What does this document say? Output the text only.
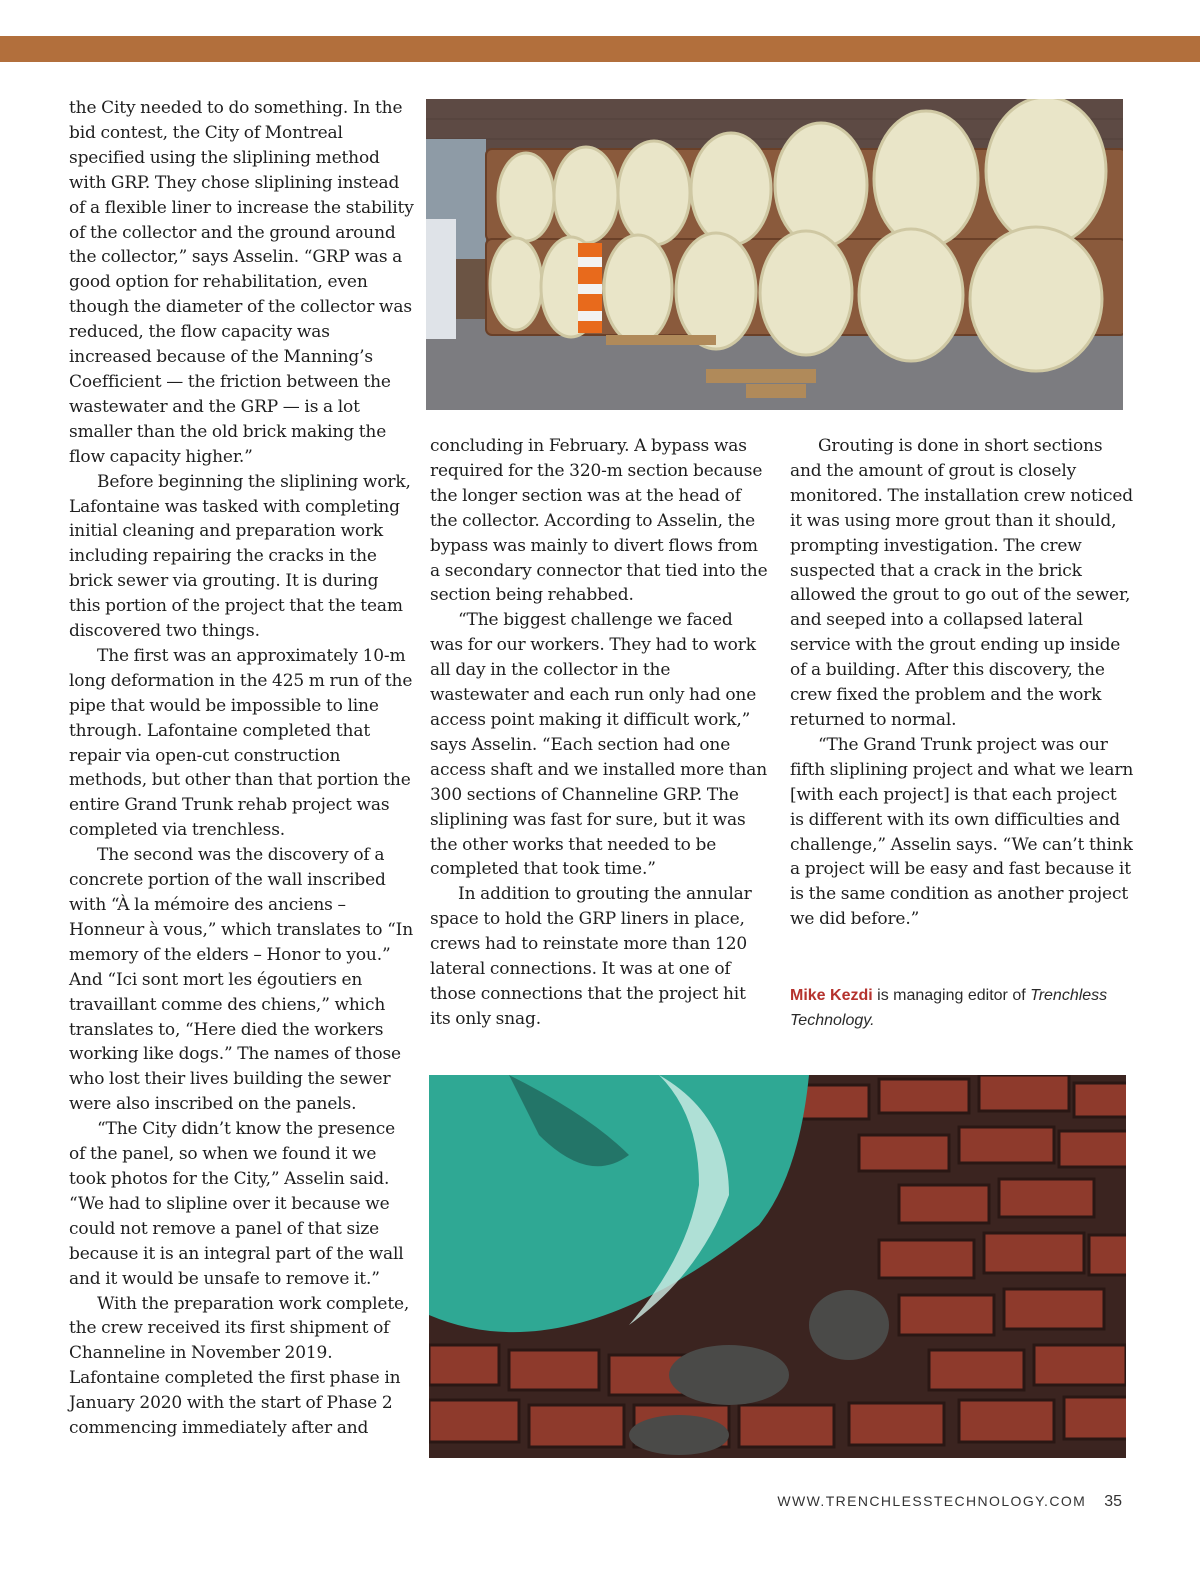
the City needed to do something. In the bid contest, the City of Montreal specified using the sliplining method with GRP. They chose sliplining instead of a flexible liner to increase the stability of the collector and the ground around the collector,” says Asselin. “GRP was a good option for rehabilitation, even though the diameter of the collector was reduced, the flow capacity was increased because of the Manning’s Coefficient — the friction between the wastewater and the GRP — is a lot smaller than the old brick making the flow capacity higher.”

Before beginning the sliplining work, Lafontaine was tasked with completing initial cleaning and preparation work including repairing the cracks in the brick sewer via grouting. It is during this portion of the project that the team discovered two things.

The first was an approximately 10-m long deformation in the 425 m run of the pipe that would be impossible to line through. Lafontaine completed that repair via open-cut construction methods, but other than that portion the entire Grand Trunk rehab project was completed via trenchless.

The second was the discovery of a concrete portion of the wall inscribed with “À la mémoire des anciens – Honneur à vous,” which translates to “In memory of the elders – Honor to you.” And “Ici sont mort les égoutiers en travaillant comme des chiens,” which translates to, “Here died the workers working like dogs.” The names of those who lost their lives building the sewer were also inscribed on the panels.

“The City didn’t know the presence of the panel, so when we found it we took photos for the City,” Asselin said. “We had to slipline over it because we could not remove a panel of that size because it is an integral part of the wall and it would be unsafe to remove it.”

With the preparation work complete, the crew received its first shipment of Channeline in November 2019. Lafontaine completed the first phase in January 2020 with the start of Phase 2 commencing immediately after and

concluding in February. A bypass was required for the 320-m section because the longer section was at the head of the collector. According to Asselin, the bypass was mainly to divert flows from a secondary connector that tied into the section being rehabbed.

“The biggest challenge we faced was for our workers. They had to work all day in the collector in the wastewater and each run only had one access point making it difficult work,” says Asselin. “Each section had one access shaft and we installed more than 300 sections of Channeline GRP. The sliplining was fast for sure, but it was the other works that needed to be completed that took time.”

In addition to grouting the annular space to hold the GRP liners in place, crews had to reinstate more than 120 lateral connections. It was at one of those connections that the project hit its only snag.

Grouting is done in short sections and the amount of grout is closely monitored. The installation crew noticed it was using more grout than it should, prompting investigation. The crew suspected that a crack in the brick allowed the grout to go out of the sewer, and seeped into a collapsed lateral service with the grout ending up inside of a building. After this discovery, the crew fixed the problem and the work returned to normal.

“The Grand Trunk project was our fifth sliplining project and what we learn [with each project] is that each project is different with its own difficulties and challenge,” Asselin says. “We can’t think a project will be easy and fast because it is the same condition as another project we did before.”

Mike Kezdi is managing editor of Trenchless Technology.
WWW.TRENCHLESSTECHNOLOGY.COM 35
